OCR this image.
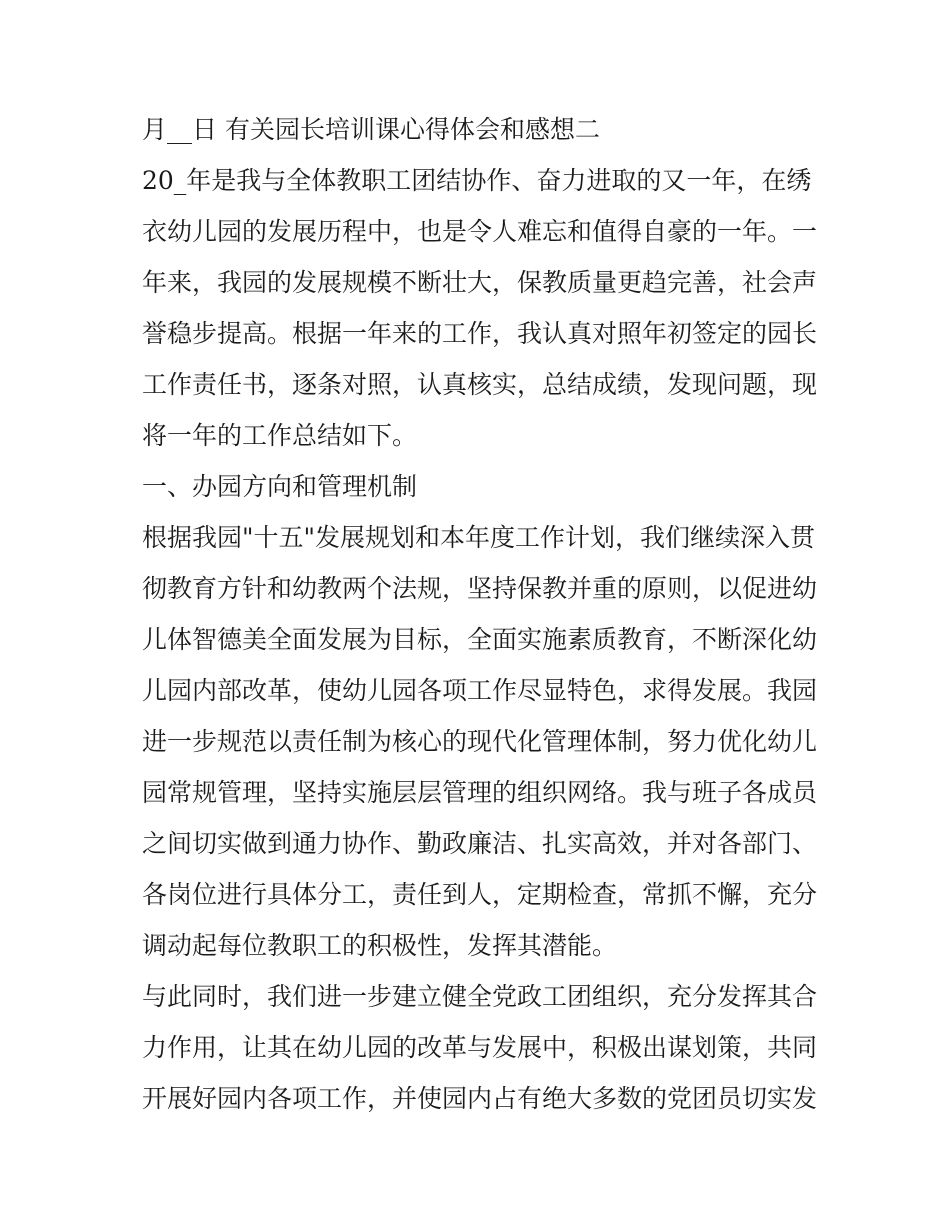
月__日 有关园长培训课心得体会和感想二
20_年是我与全体教职工团结协作、奋力进取的又一年，在绣
衣幼儿园的发展历程中，也是令人难忘和值得自豪的一年。一
年来，我园的发展规模不断壮大，保教质量更趋完善，社会声
誉稳步提高。根据一年来的工作，我认真对照年初签定的园长
工作责任书，逐条对照，认真核实，总结成绩，发现问题，现
将一年的工作总结如下。
一、办园方向和管理机制
根据我园"十五"发展规划和本年度工作计划，我们继续深入贯
彻教育方针和幼教两个法规，坚持保教并重的原则，以促进幼
儿体智德美全面发展为目标，全面实施素质教育，不断深化幼
儿园内部改革，使幼儿园各项工作尽显特色，求得发展。我园
进一步规范以责任制为核心的现代化管理体制，努力优化幼儿
园常规管理，坚持实施层层管理的组织网络。我与班子各成员
之间切实做到通力协作、勤政廉洁、扎实高效，并对各部门、
各岗位进行具体分工，责任到人，定期检查，常抓不懈，充分
调动起每位教职工的积极性，发挥其潜能。
与此同时，我们进一步建立健全党政工团组织，充分发挥其合
力作用，让其在幼儿园的改革与发展中，积极出谋划策，共同
开展好园内各项工作，并使园内占有绝大多数的党团员切实发
